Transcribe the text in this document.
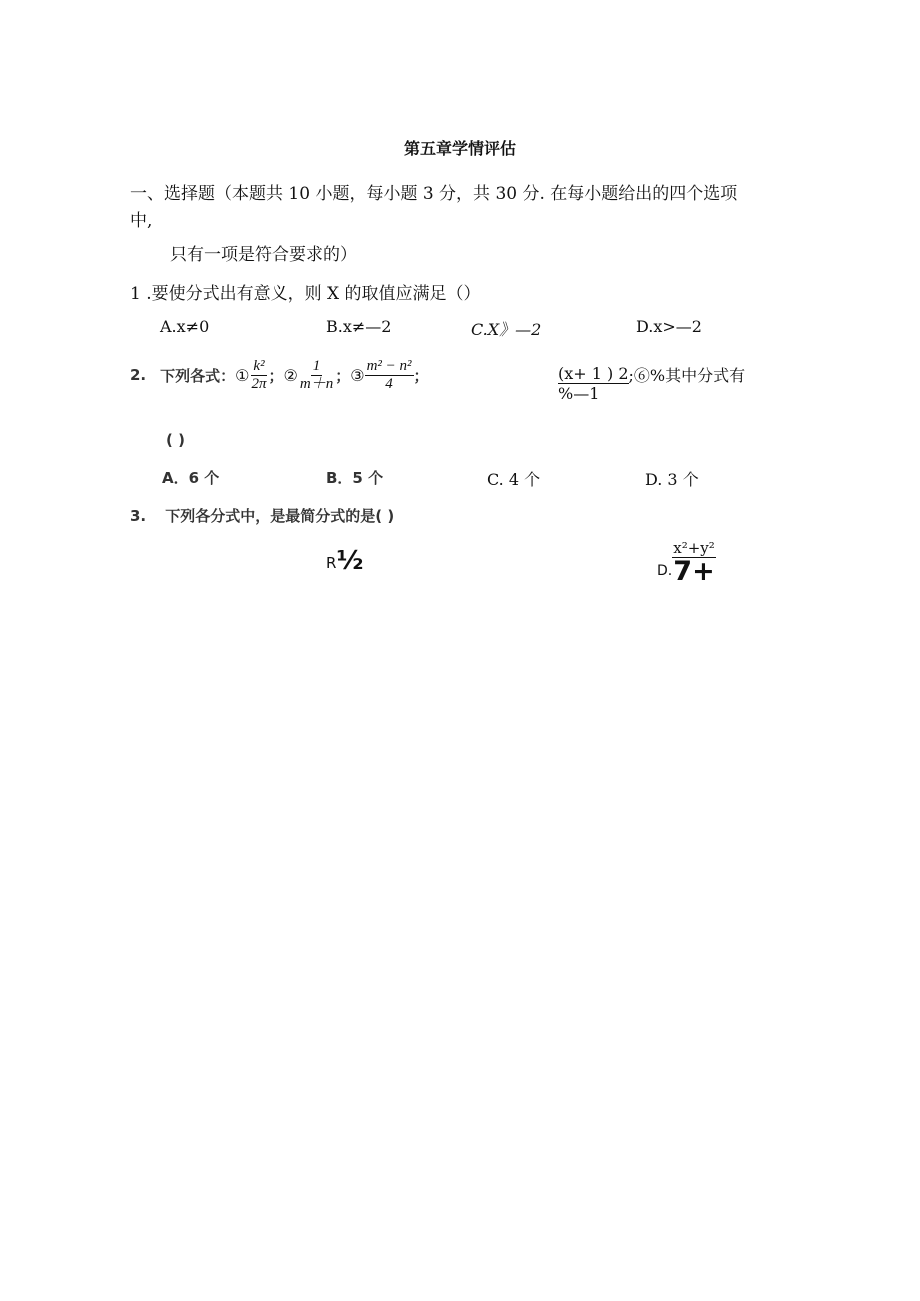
第五章学情评估
一、选择题（本题共 10 小题，每小题 3 分，共 30 分. 在每小题给出的四个选项
中,
只有一项是符合要求的）
1 .要使分式出有意义，则 X 的取值应满足（）
A.x≠0	B.x≠—2	C.X》—2	D.x>—2
2. 下列各式： ① $\frac{\text{k²}}{2\pi}$ ； ② $\frac{1}{m+n}$ ； ③ $\frac{\text{m² − n²}}{4}$ ；	$\frac{(x+ 1 ) 2}{\%—1}$ ;⑥%其中分式有
( )
A．6 个	B．5 个	C. 4 个	D. 3 个
3. 下列各分式中，是最简分式的是( )
R ½	D.
x²+y²
7+
